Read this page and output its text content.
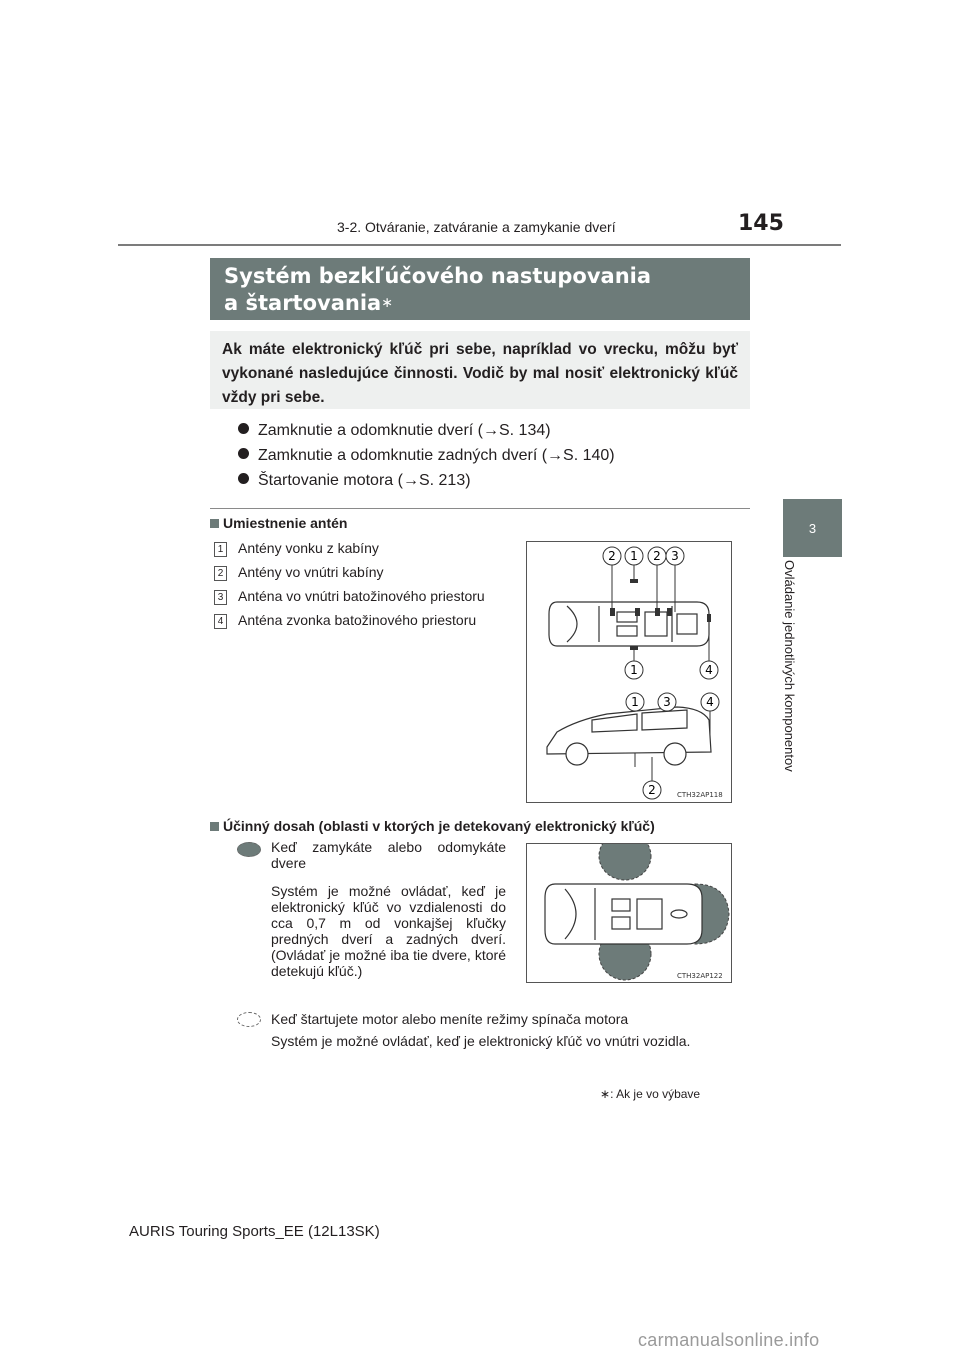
3-2. Otváranie, zatváranie a zamykanie dverí	145
3
Ovládanie jednotlivých komponentov
Systém bezkľúčového nastupovania
a štartovania∗

Ak máte elektronický kľúč pri sebe, napríklad vo vrecku, môžu byť vykonané nasledujúce činnosti. Vodič by mal nosiť elektronický kľúč vždy pri sebe.

Zamknutie a odomknutie dverí (→S. 134)
Zamknutie a odomknutie zadných dverí (→S. 140)
Štartovanie motora (→S. 213)
Umiestnenie antén
1 Antény vonku z kabíny
2 Antény vo vnútri kabíny
3 Anténa vo vnútri batožinového priestoru
4 Anténa zvonka batožinového priestoru
2 1 2 3
1	4
1 3	4
2	CTH32AP118
Účinný dosah (oblasti v ktorých je detekovaný elektronický kľúč)
Keď zamykáte alebo odomykáte dvere
Systém je možné ovládať, keď je elektronický kľúč vo vzdialenosti do cca 0,7 m od vonkajšej kľučky predných dverí a zadných dverí. (Ovládať je možné iba tie dvere, ktoré detekujú kľúč.)	CTH32AP122
Keď štartujete motor alebo meníte režimy spínača motora
Systém je možné ovládať, keď je elektronický kľúč vo vnútri vozidla.
∗: Ak je vo výbave
AURIS Touring Sports_EE (12L13SK)
carmanualsonline.info
